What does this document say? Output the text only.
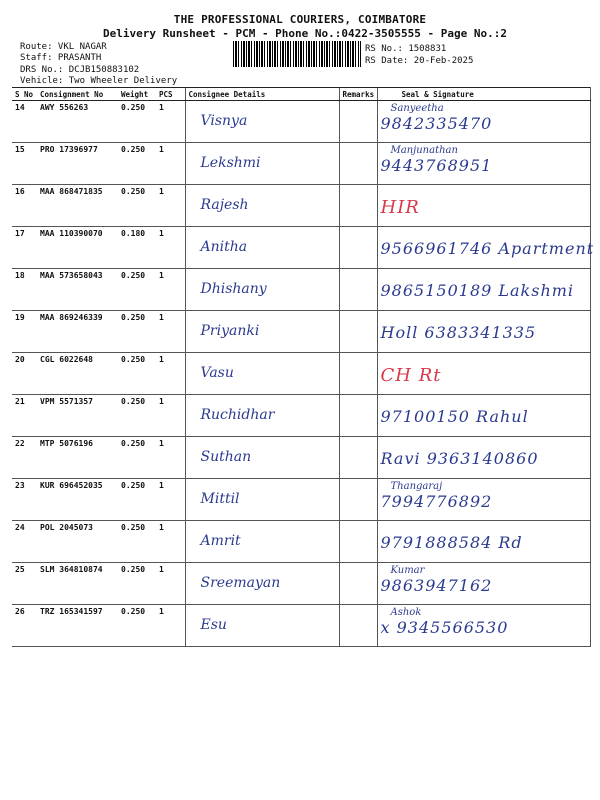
THE PROFESSIONAL COURIERS, COIMBATORE
Delivery Runsheet - PCM - Phone No.:0422-3505555 - Page No.:2
Route: VKL NAGAR
Staff: PRASANTH
DRS No.: DCJB150883102
Vehicle: Two Wheeler Delivery
RS No.: 1508831
RS Date: 20-Feb-2025
S No	Consignment No	Weight	PCS	Consignee Details	Remarks	Seal & Signature
14	AWY 556263	0.250	1	Visnya		Sanyeetha
9842335470

15	PRO 17396977	0.250	1	Lekshmi		Manjunathan
9443768951

16	MAA 868471835	0.250	1	Rajesh		HIR

17	MAA 110390070	0.180	1	Anitha		9566961746 Apartment

18	MAA 573658043	0.250	1	Dhishany		9865150189 Lakshmi

19	MAA 869246339	0.250	1	Priyanki		Holl 6383341335

20	CGL 6022648	0.250	1	Vasu		CH Rt

21	VPM 5571357	0.250	1	Ruchidhar		97100150 Rahul

22	MTP 5076196	0.250	1	Suthan		Ravi 9363140860

23	KUR 696452035	0.250	1	Mittil		Thangaraj
7994776892

24	POL 2045073	0.250	1	Amrit		9791888584 Rd

25	SLM 364810874	0.250	1	Sreemayan		Kumar
9863947162

26	TRZ 165341597	0.250	1	Esu		Ashok
x 9345566530
